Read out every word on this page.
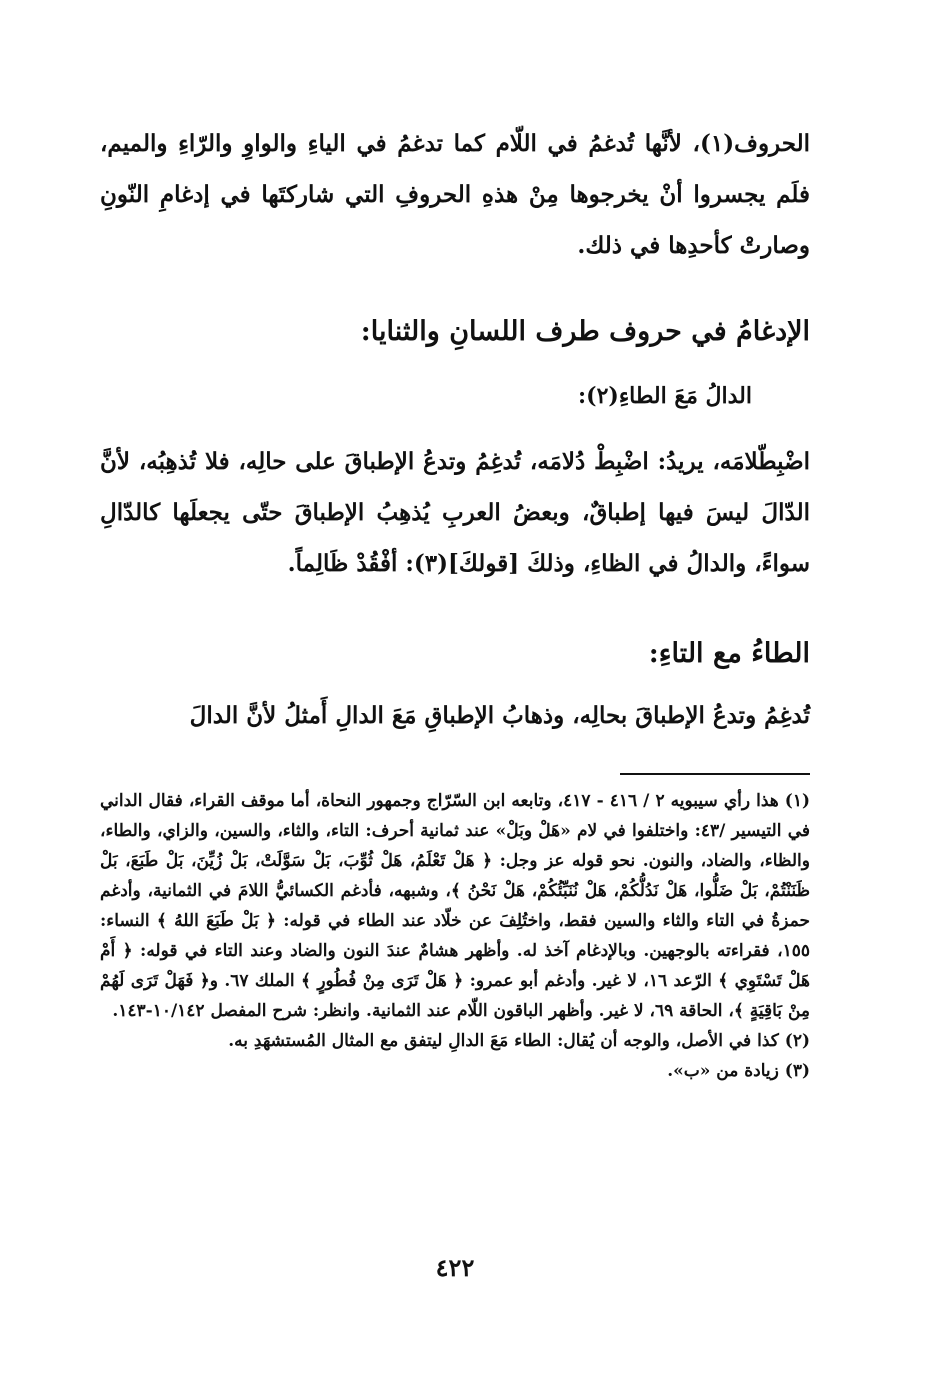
الحروف(١)، لأنَّها تُدغمُ في اللّام كما تدغمُ في الياءِ والواوِ والرّاءِ والميم، فلَم يجسروا أنْ يخرجوها مِنْ هذهِ الحروفِ التي شاركتَها في إدغامِ النّونِ وصارتْ كأحدِها في ذلك.

الإدغامُ في حروف طرف اللسانِ والثنايا:
الدالُ مَعَ الطاءِ(٢):

اضْبِطّلامَه، يريدُ: اضْبِطْ دُلامَه، تُدغِمُ وتدعُ الإطباقَ على حالِه، فلا تُذهِبُه، لأنَّ الدّالَ ليسَ فيها إطباقٌ، وبعضُ العربِ يُذهِبُ الإطباقَ حتّى يجعلَها كالدّالِ سواءً، والدالُ في الظاءِ، وذلكَ [قولكَ](٣): أفْقُدْ ظَالِماً.

الطاءُ مع التاءِ:

تُدغِمُ وتدعُ الإطباقَ بحالِه، وذهابُ الإطباقِ مَعَ الدالِ أَمثلُ لأنَّ الدالَ

(١) هذا رأي سيبويه ٢ / ٤١٦ - ٤١٧، وتابعه ابن السّرّاج وجمهور النحاة، أما موقف القراء، فقال الداني في التيسير /٤٣: واختلفوا في لام «هَلْ وبَلْ» عند ثمانية أحرف: التاء، والثاء، والسين، والزاي، والطاء، والظاء، والضاد، والنون. نحو قوله عز وجل: ﴿ هَلْ تَعْلَمُ، هَلْ ثُوِّبَ، بَلْ سَوَّلَتْ، بَلْ زُيِّنَ، بَلْ طَبَعَ، بَلْ ظَنَنْتُمْ، بَلْ ضَلُّوا، هَلْ نَدُلُّكُمْ، هَلْ نُنَبِّئُكُمْ، هَلْ نَحْنُ ﴾، وشبهه، فأدغم الكسائيُّ اللامَ في الثمانية، وأدغم حمزةُ في التاء والثاء والسين فقط، واختُلِفَ عن خلّاد عند الطاء في قوله: ﴿ بَلْ طَبَعَ اللهُ ﴾ النساء: ١٥٥، فقراءته بالوجهين. وبالإدغام آخذ له. وأظهر هشامٌ عندَ النون والضاد وعند التاء في قوله: ﴿ أَمْ هَلْ تَسْتَوِي ﴾ الرّعد ١٦، لا غير. وأدغم أبو عمرو: ﴿ هَلْ تَرَى مِنْ فُطُورٍ ﴾ الملك ٦٧. و﴿ فَهَلْ تَرَى لَهُمْ مِنْ بَاقِيَةٍ ﴾، الحاقة ٦٩، لا غير. وأظهر الباقون اللّام عند الثمانية. وانظر: شرح المفصل ١٠/١٤٢-١٤٣.

(٢) كذا في الأصل، والوجه أن يُقال: الطاء مَعَ الدالِ ليتفق مع المثال المُستشهَدِ به.

(٣) زيادة من «ب».

٤٢٢
